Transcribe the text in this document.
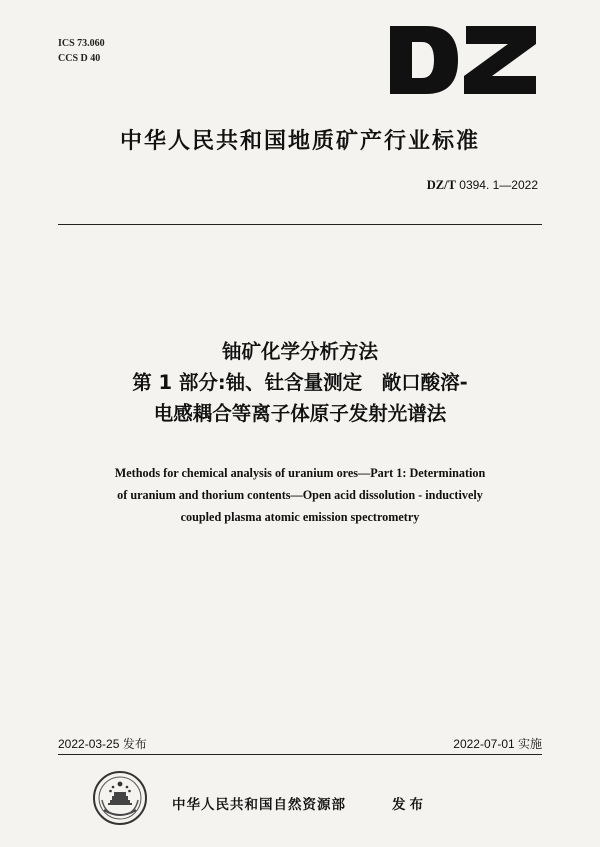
ICS 73.060
CCS D 40
中华人民共和国地质矿产行业标准
DZ/T 0394. 1—2022
铀矿化学分析方法
第 1 部分:铀、钍含量测定　敞口酸溶-
电感耦合等离子体原子发射光谱法
Methods for chemical analysis of uranium ores—Part 1: Determination
of uranium and thorium contents—Open acid dissolution - inductively
coupled plasma atomic emission spectrometry
2022-03-25 发布	2022-07-01 实施
中华人民共和国自然资源部	发布
